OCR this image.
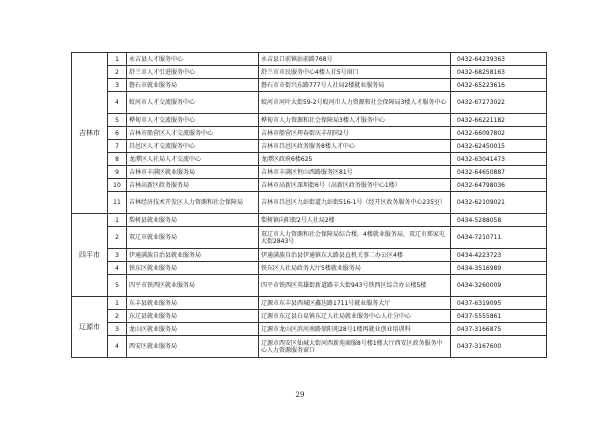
吉林市	1	永吉县人才服务中心	永吉县口前镇站前路768号	0432-64239363
	2	舒兰市人才引进服务中心	舒兰市市民服务中心4楼人社5号窗口	0432-68258163
	3	磐石市就业服务局	磐石市市街兴东路777号人社局2楼就业服务局	0432-65223616
	4	蛟河市人才交流服务中心	蛟河市河叶大街59-2号蛟河市人力资源和社会保障局3楼人才服务中心	0432-67273022
	5	桦甸市人才交流服务中心	桦甸市人力资源和社会保障局3楼人才服务中心	0432-66221182
	6	吉林市船营区人才交流服务中心	吉林市船营区珲春街庆丰胡同2号	0432-66097802
	7	昌邑区人才交流服务中心	吉林市昌邑区政务服务8楼人才中心	0432-62450015
	8	龙潭区人社局人才交流中心	龙潭区政府6楼625	0432-63041473
	9	吉林市丰满区就业服务局	吉林市丰满区恒山西路服务区81号	0432-64650887
	10	吉林高新区政务服务局	吉林市高新区深圳街6号（高新区政务服务中心1楼）	0432-64798036
	11	吉林经济技术开发区人力资源和社会保障局	吉林市昌邑区九站街道九站街516-1号（经开区政务服务中心235室）	0432-62109021
四平市	1	梨树县就业服务局	梨树镇向阳街2号人社局2楼	0434-5288058
	2	双辽市就业服务局	双辽市人力资源和社会保障局综合楼，4楼就业服务局，双辽市郑家屯大街2843号	0434-7210711
	3	伊通满族自治县就业服务局	伊通满族自治县伊通镇东大路县直机关事二办公区4楼	0434-4223723
	4	铁东区就业服务局	铁东区人社局政务大厅5楼就业服务局	0434-3516989
	5	四平市铁西区就业服务局	四平市铁西区英雄街新道路丰大街943号铁西区综合办公楼5楼	0434-3260009
辽源市	1	东丰县就业服务局	辽源市东丰县西城区鑫达路1711号就业服务大厅	0437-6319095
	2	东辽县就业服务局	辽源市东辽县白泉镇东辽人社局就业服务中心人社分中心	0437-5555861
	3	龙山区就业服务局	辽源市龙山区滨河南路鼎阳苑28号1楼再就业创业培训科	0437-3166875
	4	西安区就业服务局	辽源市西安区仙城大街河西新苑商服8号楼1楼大厅西安区政务服务中心人力资源服务窗口	0437-3167600
29
